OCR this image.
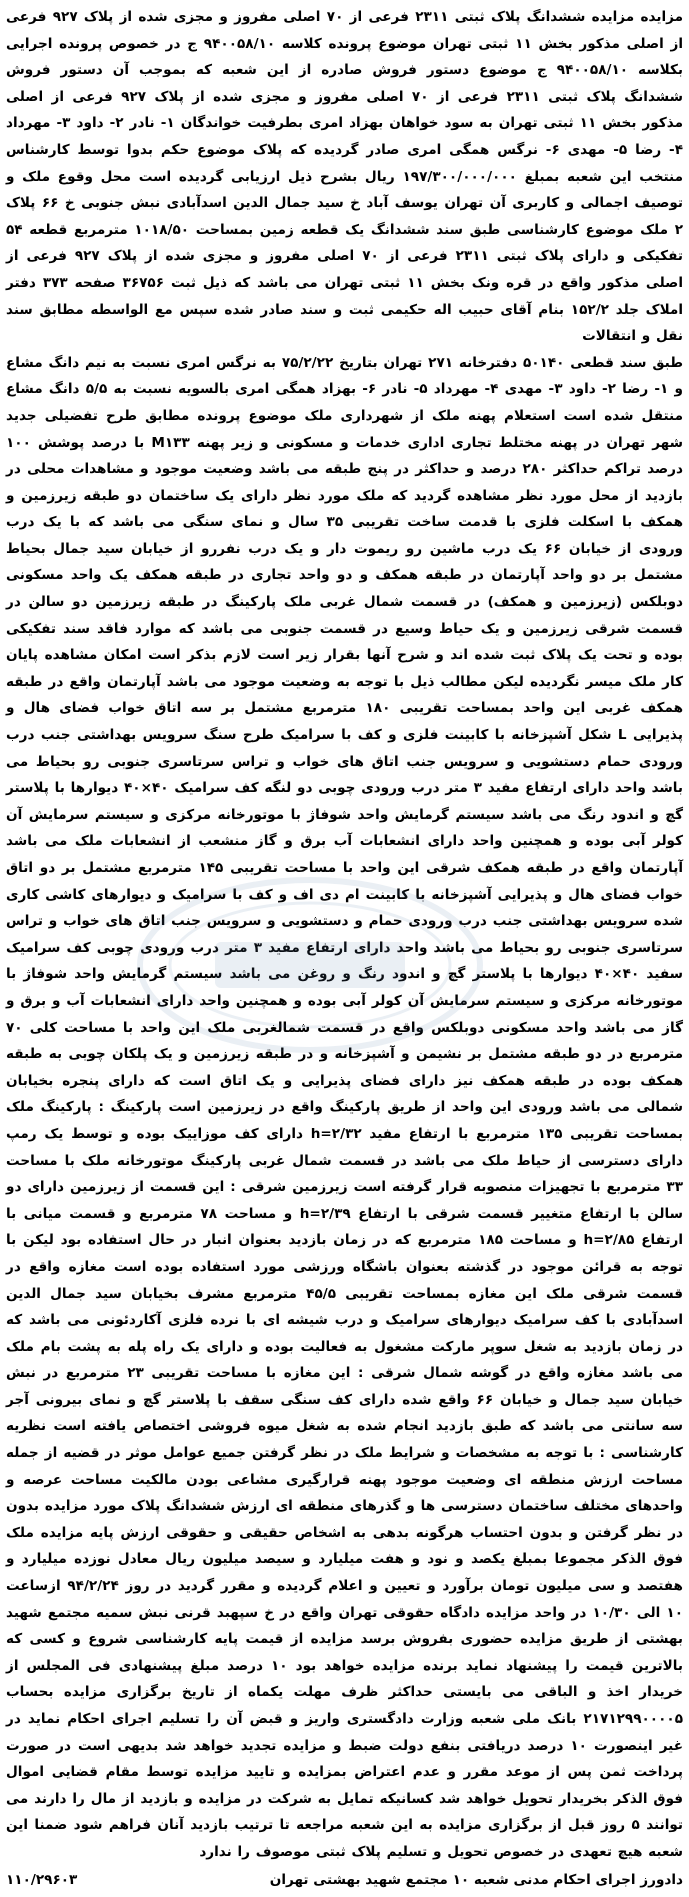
مزایده مزایده ششدانگ پلاک ثبتی ۲۳۱۱ فرعی از ۷۰ اصلی مفروز و مجزی شده از پلاک ۹۲۷ فرعی از اصلی مذکور بخش ۱۱ ثبتی تهران موضوع پرونده کلاسه ۹۴۰۰۵۸/۱۰ ج در خصوص پرونده اجرایی بکلاسه ۹۴۰۰۵۸/۱۰ ج موضوع دستور فروش صادره از این شعبه که بموجب آن دستور فروش ششدانگ پلاک ثبتی ۲۳۱۱ فرعی از ۷۰ اصلی مفروز و مجزی شده از پلاک ۹۲۷ فرعی از اصلی مذکور بخش ۱۱ ثبتی تهران به سود خواهان بهزاد امری بطرفیت خواندگان ۱- نادر ۲- داود ۳- مهرداد ۴- رضا ۵- مهدی ۶- نرگس همگی امری صادر گردیده که پلاک موضوع حکم بدوا توسط کارشناس منتخب این شعبه بمبلغ ۱۹۷/۳۰۰/۰۰۰/۰۰۰ ریال بشرح ذیل ارزیابی گردیده است محل وقوع ملک و توصیف اجمالی و کاربری آن تهران یوسف آباد خ سید جمال الدین اسدآبادی نبش جنوبی خ ۶۶ پلاک ۲ ملک موضوع کارشناسی طبق سند ششدانگ یک قطعه زمین بمساحت ۱۰۱۸/۵۰ مترمربع قطعه ۵۴ تفکیکی و دارای پلاک ثبتی ۲۳۱۱ فرعی از ۷۰ اصلی مفروز و مجزی شده از پلاک ۹۲۷ فرعی از اصلی مذکور واقع در قره ونک بخش ۱۱ ثبتی تهران می باشد که ذیل ثبت ۳۶۷۵۶ صفحه ۳۷۳ دفتر املاک جلد ۱۵۲/۲ بنام آقای حبیب اله حکیمی ثبت و سند صادر شده سپس مع الواسطه مطابق سند نقل و انتقالات
طبق سند قطعی ۵۰۱۴۰ دفترخانه ۲۷۱ تهران بتاریخ ۷۵/۲/۲۲ به نرگس امری نسبت به نیم دانگ مشاع و ۱- رضا ۲- داود ۳- مهدی ۴- مهرداد ۵- نادر ۶- بهزاد همگی امری بالسویه نسبت به ۵/۵ دانگ مشاع منتقل شده است استعلام پهنه ملک از شهرداری ملک موضوع پرونده مطابق طرح تفضیلی جدید شهر تهران در پهنه مختلط تجاری اداری خدمات و مسکونی و زیر پهنه M۱۳۳ با درصد پوشش ۱۰۰ درصد تراکم حداکثر ۲۸۰ درصد و حداکثر در پنج طبقه می باشد وضعیت موجود و مشاهدات محلی در بازدید از محل مورد نظر مشاهده گردید که ملک مورد نظر دارای یک ساختمان دو طبقه زیرزمین و همکف با اسکلت فلزی با قدمت ساخت تقریبی ۳۵ سال و نمای سنگی می باشد که با یک درب ورودی از خیابان ۶۶ یک درب ماشین رو ریموت دار و یک درب نفررو از خیابان سید جمال بحیاط مشتمل بر دو واحد آپارتمان در طبقه همکف و دو واحد تجاری در طبقه همکف یک واحد مسکونی دوبلکس (زیرزمین و همکف) در قسمت شمال غربی ملک پارکینگ در طبقه زیرزمین دو سالن در قسمت شرقی زیرزمین و یک حیاط وسیع در قسمت جنوبی می باشد که موارد فاقد سند تفکیکی بوده و تحت یک پلاک ثبت شده اند و شرح آنها بقرار زیر است لازم بذکر است امکان مشاهده پایان کار ملک میسر نگردیده لیکن مطالب ذیل با توجه به وضعیت موجود می باشد آپارتمان واقع در طبقه همکف غربی این واحد بمساحت تقریبی ۱۸۰ مترمربع مشتمل بر سه اتاق خواب فضای هال و پذیرایی L شکل آشپزخانه با کابینت فلزی و کف با سرامیک طرح سنگ سرویس بهداشتی جنب درب ورودی حمام دستشویی و سرویس جنب اتاق های خواب و تراس سرتاسری جنوبی رو بحیاط می باشد واحد دارای ارتفاع مفید ۳ متر درب ورودی چوبی دو لنگه کف سرامیک ۴۰×۴۰ دیوارها با پلاستر گچ و اندود رنگ می باشد سیستم گرمایش واحد شوفاژ با موتورخانه مرکزی و سیستم سرمایش آن کولر آبی بوده و همچنین واحد دارای انشعابات آب برق و گاز منشعب از انشعابات ملک می باشد آپارتمان واقع در طبقه همکف شرقی این واحد با مساحت تقریبی ۱۴۵ مترمربع مشتمل بر دو اتاق خواب فضای هال و پذیرایی آشپزخانه با کابینت ام دی اف و کف با سرامیک و دیوارهای کاشی کاری شده سرویس بهداشتی جنب درب ورودی حمام و دستشویی و سرویس جنب اتاق های خواب و تراس سرتاسری جنوبی رو بحیاط می باشد واحد دارای ارتفاع مفید ۳ متر درب ورودی چوبی کف سرامیک سفید ۴۰×۴۰ دیوارها با پلاستر گچ و اندود رنگ و روغن می باشد سیستم گرمایش واحد شوفاژ با موتورخانه مرکزی و سیستم سرمایش آن کولر آبی بوده و همچنین واحد دارای انشعابات آب و برق و گاز می باشد واحد مسکونی دوبلکس واقع در قسمت شمالغربی ملک این واحد با مساحت کلی ۷۰ مترمربع در دو طبقه مشتمل بر نشیمن و آشپزخانه و در طبقه زیرزمین و یک پلکان چوبی به طبقه همکف بوده در طبقه همکف نیز دارای فضای پذیرایی و یک اتاق است که دارای پنجره بخیابان شمالی می باشد ورودی این واحد از طریق پارکینگ واقع در زیرزمین است پارکینگ : پارکینگ ملک بمساحت تقریبی ۱۳۵ مترمربع با ارتفاع مفید h=۲/۳۲ دارای کف موزاییک بوده و توسط یک رمپ دارای دسترسی از حیاط ملک می باشد در قسمت شمال غربی پارکینگ موتورخانه ملک با مساحت ۳۳ مترمربع با تجهیزات منصوبه قرار گرفته است زیرزمین شرقی : این قسمت از زیرزمین دارای دو سالن با ارتفاع متغییر قسمت شرقی با ارتفاع h=۲/۳۹ و مساحت ۷۸ مترمربع و قسمت میانی با ارتفاع h=۲/۸۵ و مساحت ۱۸۵ مترمربع که در زمان بازدید بعنوان انبار در حال استفاده بود لیکن با توجه به قرائن موجود در گذشته بعنوان باشگاه ورزشی مورد استفاده بوده است مغازه واقع در قسمت شرقی ملک این مغازه بمساحت تقریبی ۴۵/۵ مترمربع مشرف بخیابان سید جمال الدین اسدآبادی با کف سرامیک دیوارهای سرامیک و درب شیشه ای با نرده فلزی آکاردئونی می باشد که در زمان بازدید به شغل سوپر مارکت مشغول به فعالیت بوده و دارای یک راه پله به پشت بام ملک می باشد مغازه واقع در گوشه شمال شرقی : این مغازه با مساحت تقریبی ۲۳ مترمربع در نبش خیابان سید جمال و خیابان ۶۶ واقع شده دارای کف سنگی سقف با پلاستر گچ و نمای بیرونی آجر سه سانتی می باشد که طبق بازدید انجام شده به شغل میوه فروشی اختصاص یافته است نظریه کارشناسی : با توجه به مشخصات و شرایط ملک در نظر گرفتن جمیع عوامل موثر در قضیه از جمله مساحت ارزش منطقه ای وضعیت موجود پهنه قرارگیری مشاعی بودن مالکیت مساحت عرصه و واحدهای مختلف ساختمان دسترسی ها و گذرهای منطقه ای ارزش ششدانگ پلاک مورد مزایده بدون در نظر گرفتن و بدون احتساب هرگونه بدهی به اشخاص حقیقی و حقوقی ارزش پایه مزایده ملک فوق الذکر مجموعا بمبلغ یکصد و نود و هفت میلیارد و سیصد میلیون ریال معادل نوزده میلیارد و هفتصد و سی میلیون تومان برآورد و تعیین و اعلام گردیده و مقرر گردید در روز ۹۴/۲/۲۴ ازساعت ۱۰ الی ۱۰/۳۰ در واحد مزایده دادگاه حقوقی تهران واقع در خ سپهبد قرنی نبش سمیه مجتمع شهید بهشتی از طریق مزایده حضوری بفروش برسد مزایده از قیمت پایه کارشناسی شروع و کسی که بالاترین قیمت را پیشنهاد نماید برنده مزایده خواهد بود ۱۰ درصد مبلغ پیشنهادی فی المجلس از خریدار اخذ و الباقی می بایستی حداکثر ظرف مهلت یکماه از تاریخ برگزاری مزایده بحساب ۲۱۷۱۲۹۹۰۰۰۰۵ بانک ملی شعبه وزارت دادگستری واریز و قبض آن را تسلیم اجرای احکام نماید در غیر اینصورت ۱۰ درصد دریافتی بنفع دولت ضبط و مزایده تجدید خواهد شد بدیهی است در صورت پرداخت ثمن پس از موعد مقرر و عدم اعتراض بمزایده و تایید مزایده توسط مقام قضایی اموال فوق الذکر بخریدار تحویل خواهد شد کسانیکه تمایل به شرکت در مزایده و بازدید از مال را دارند می توانند ۵ روز قبل از برگزاری مزایده به این شعبه مراجعه تا ترتیب بازدید آنان فراهم شود ضمنا این شعبه هیچ تعهدی در خصوص تحویل و تسلیم پلاک ثبتی موصوف را ندارد

دادورز اجرای احکام مدنی شعبه ۱۰ مجتمع شهید بهشتی تهران
۱۱۰/۲۹۶۰۳
